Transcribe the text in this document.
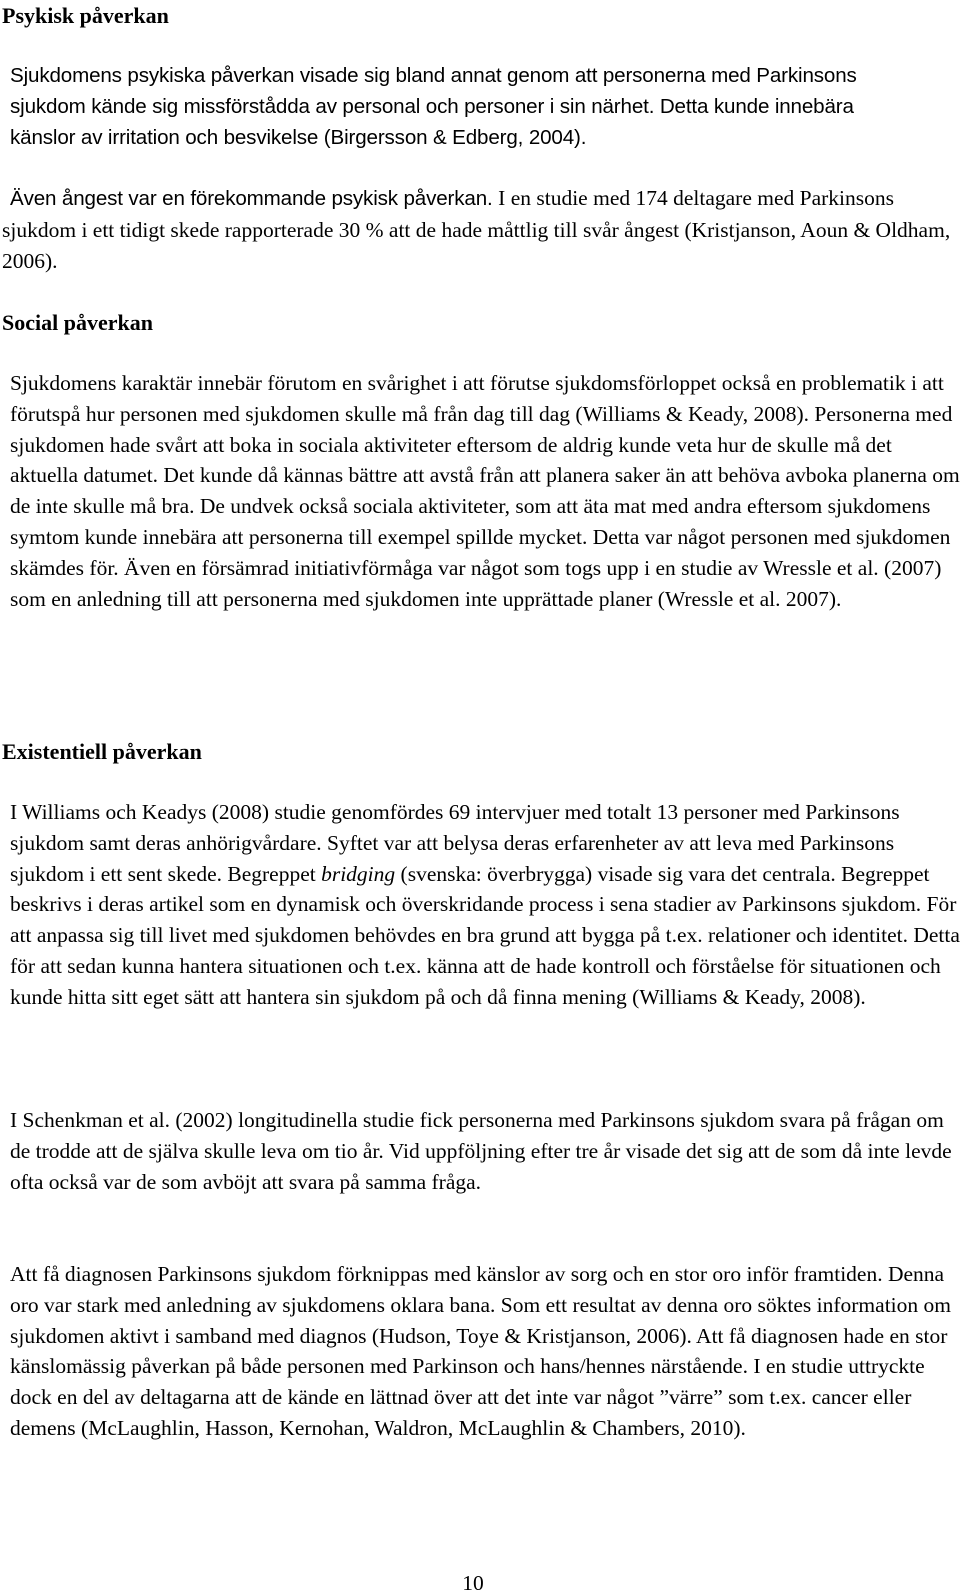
Psykisk påverkan

Sjukdomens psykiska påverkan visade sig bland annat genom att personerna med Parkinsons sjukdom kände sig missförstådda av personal och personer i sin närhet. Detta kunde innebära känslor av irritation och besvikelse (Birgersson & Edberg, 2004).

Även ångest var en förekommande psykisk påverkan. I en studie med 174 deltagare med Parkinsons sjukdom i ett tidigt skede rapporterade 30 % att de hade måttlig till svår ångest (Kristjanson, Aoun & Oldham, 2006).

Social påverkan

Sjukdomens karaktär innebär förutom en svårighet i att förutse sjukdomsförloppet också en problematik i att förutspå hur personen med sjukdomen skulle må från dag till dag (Williams & Keady, 2008). Personerna med sjukdomen hade svårt att boka in sociala aktiviteter eftersom de aldrig kunde veta hur de skulle må det aktuella datumet. Det kunde då kännas bättre att avstå från att planera saker än att behöva avboka planerna om de inte skulle må bra. De undvek också sociala aktiviteter, som att äta mat med andra eftersom sjukdomens symtom kunde innebära att personerna till exempel spillde mycket. Detta var något personen med sjukdomen skämdes för. Även en försämrad initiativförmåga var något som togs upp i en studie av Wressle et al. (2007) som en anledning till att personerna med sjukdomen inte upprättade planer (Wressle et al. 2007).

Existentiell påverkan

I Williams och Keadys (2008) studie genomfördes 69 intervjuer med totalt 13 personer med Parkinsons sjukdom samt deras anhörigvårdare. Syftet var att belysa deras erfarenheter av att leva med Parkinsons sjukdom i ett sent skede. Begreppet bridging (svenska: överbrygga) visade sig vara det centrala. Begreppet beskrivs i deras artikel som en dynamisk och överskridande process i sena stadier av Parkinsons sjukdom. För att anpassa sig till livet med sjukdomen behövdes en bra grund att bygga på t.ex. relationer och identitet. Detta för att sedan kunna hantera situationen och t.ex. känna att de hade kontroll och förståelse för situationen och kunde hitta sitt eget sätt att hantera sin sjukdom på och då finna mening (Williams & Keady, 2008).

I Schenkman et al. (2002) longitudinella studie fick personerna med Parkinsons sjukdom svara på frågan om de trodde att de själva skulle leva om tio år. Vid uppföljning efter tre år visade det sig att de som då inte levde ofta också var de som avböjt att svara på samma fråga.

Att få diagnosen Parkinsons sjukdom förknippas med känslor av sorg och en stor oro inför framtiden. Denna oro var stark med anledning av sjukdomens oklara bana. Som ett resultat av denna oro söktes information om sjukdomen aktivt i samband med diagnos (Hudson, Toye & Kristjanson, 2006). Att få diagnosen hade en stor känslomässig påverkan på både personen med Parkinson och hans/hennes närstående. I en studie uttryckte dock en del av deltagarna att de kände en lättnad över att det inte var något ”värre” som t.ex. cancer eller demens (McLaughlin, Hasson, Kernohan, Waldron, McLaughlin & Chambers, 2010).

10
